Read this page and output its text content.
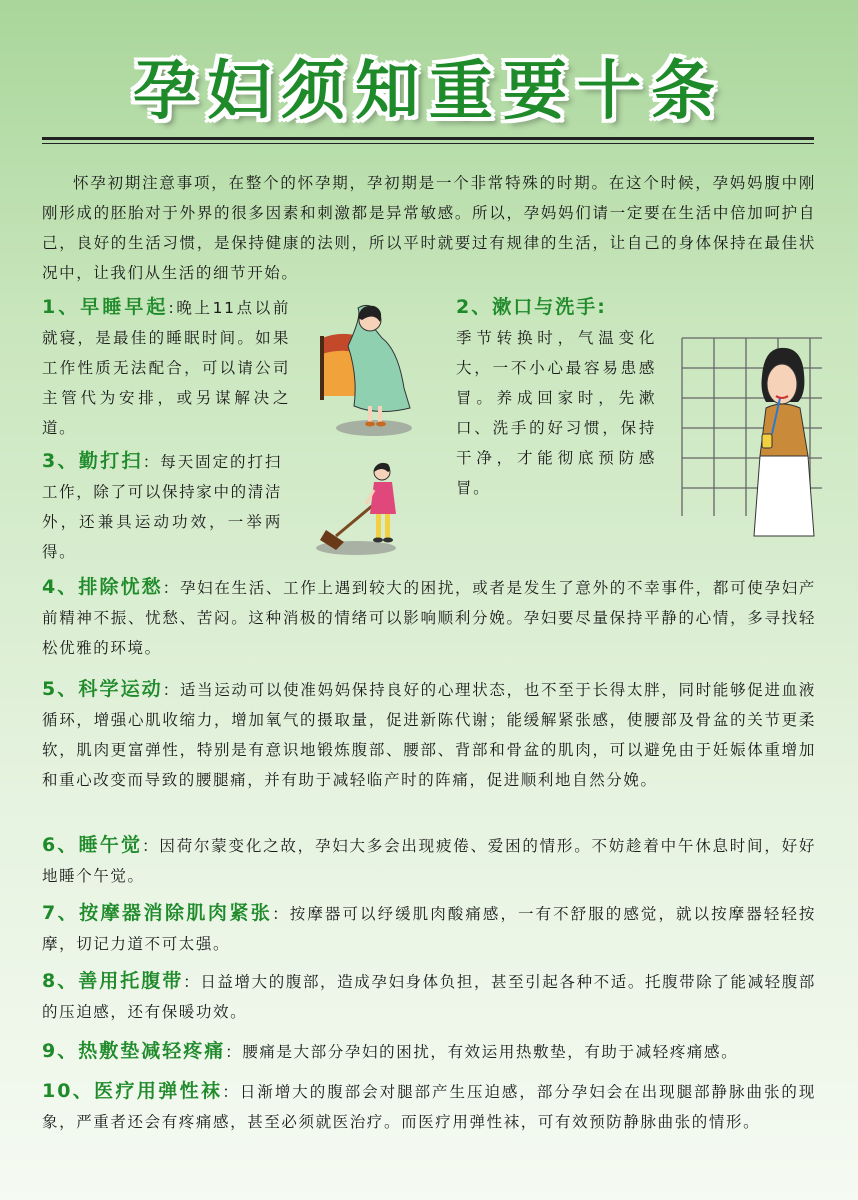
孕妇须知重要十条
怀孕初期注意事项，在整个的怀孕期，孕初期是一个非常特殊的时期。在这个时候，孕妈妈腹中刚刚形成的胚胎对于外界的很多因素和刺激都是异常敏感。所以，孕妈妈们请一定要在生活中倍加呵护自己，良好的生活习惯，是保持健康的法则，所以平时就要过有规律的生活，让自己的身体保持在最佳状况中，让我们从生活的细节开始。
1、早睡早起:晚上11点以前就寝，是最佳的睡眠时间。如果工作性质无法配合，可以请公司主管代为安排，或另谋解决之道。
2、漱口与洗手:
季节转换时，气温变化大，一不小心最容易患感冒。养成回家时，先漱口、洗手的好习惯，保持干净，才能彻底预防感冒。
3、勤打扫：每天固定的打扫工作，除了可以保持家中的清洁外，还兼具运动功效，一举两得。
4、排除忧愁：孕妇在生活、工作上遇到较大的困扰，或者是发生了意外的不幸事件，都可使孕妇产前精神不振、忧愁、苦闷。这种消极的情绪可以影响顺利分娩。孕妇要尽量保持平静的心情，多寻找轻松优雅的环境。
5、科学运动：适当运动可以使准妈妈保持良好的心理状态，也不至于长得太胖，同时能够促进血液循环，增强心肌收缩力，增加氧气的摄取量，促进新陈代谢；能缓解紧张感，使腰部及骨盆的关节更柔软，肌肉更富弹性，特别是有意识地锻炼腹部、腰部、背部和骨盆的肌肉，可以避免由于妊娠体重增加和重心改变而导致的腰腿痛，并有助于减轻临产时的阵痛，促进顺利地自然分娩。
6、睡午觉：因荷尔蒙变化之故，孕妇大多会出现疲倦、爱困的情形。不妨趁着中午休息时间，好好地睡个午觉。
7、按摩器消除肌肉紧张：按摩器可以纾缓肌肉酸痛感，一有不舒服的感觉，就以按摩器轻轻按摩，切记力道不可太强。
8、善用托腹带：日益增大的腹部，造成孕妇身体负担，甚至引起各种不适。托腹带除了能减轻腹部的压迫感，还有保暖功效。
9、热敷垫减轻疼痛：腰痛是大部分孕妇的困扰，有效运用热敷垫，有助于减轻疼痛感。
10、医疗用弹性袜：日渐增大的腹部会对腿部产生压迫感，部分孕妇会在出现腿部静脉曲张的现象，严重者还会有疼痛感，甚至必须就医治疗。而医疗用弹性袜，可有效预防静脉曲张的情形。
